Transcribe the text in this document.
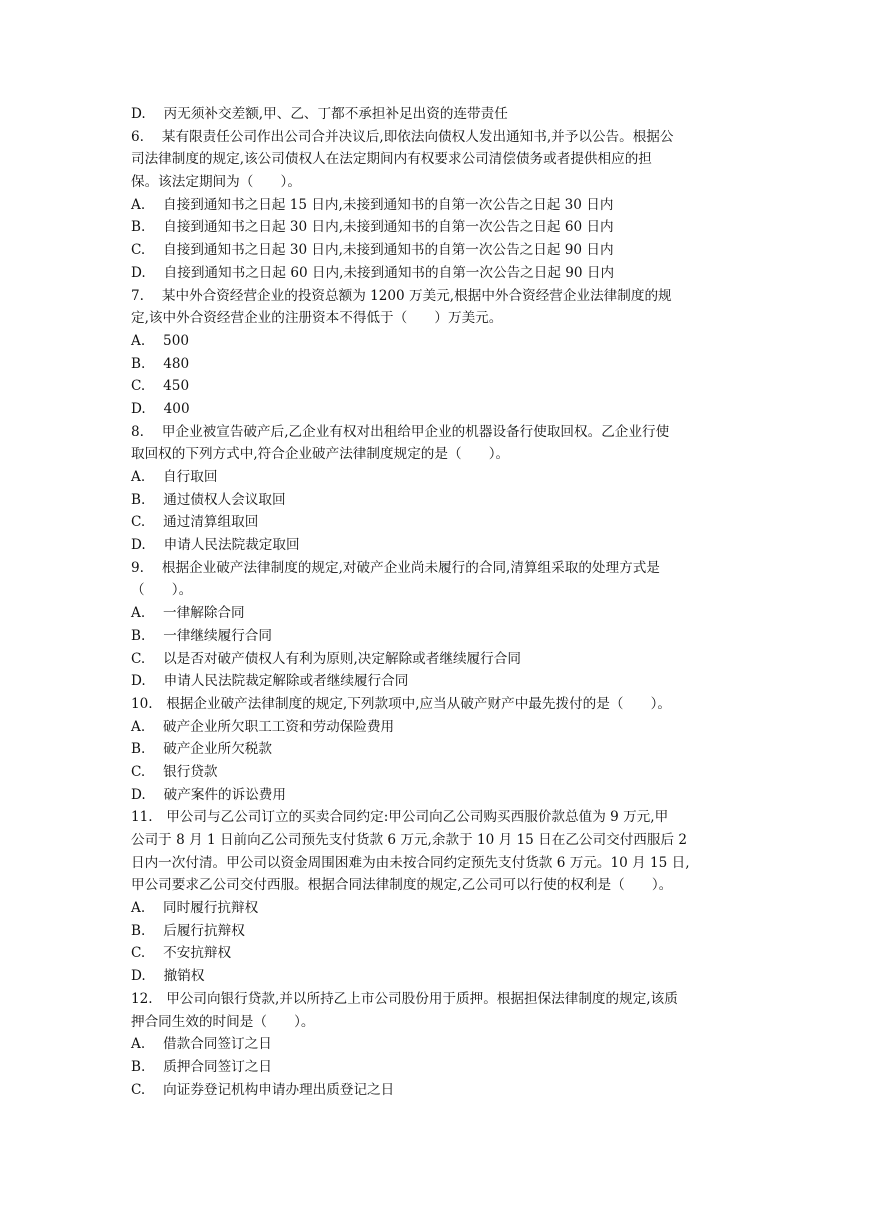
D.　 丙无须补交差额,甲、乙、丁都不承担补足出资的连带责任
6.　 某有限责任公司作出公司合并决议后,即依法向债权人发出通知书,并予以公告。根据公
司法律制度的规定,该公司债权人在法定期间内有权要求公司清偿债务或者提供相应的担
保。该法定期间为（　　）。
A.　 自接到通知书之日起 15 日内,未接到通知书的自第一次公告之日起 30 日内
B.　 自接到通知书之日起 30 日内,未接到通知书的自第一次公告之日起 60 日内
C.　 自接到通知书之日起 30 日内,未接到通知书的自第一次公告之日起 90 日内
D.　 自接到通知书之日起 60 日内,未接到通知书的自第一次公告之日起 90 日内
7.　 某中外合资经营企业的投资总额为 1200 万美元,根据中外合资经营企业法律制度的规
定,该中外合资经营企业的注册资本不得低于（　　）万美元。
A.　 500
B.　 480
C.　 450
D.　 400
8.　 甲企业被宣告破产后,乙企业有权对出租给甲企业的机器设备行使取回权。乙企业行使
取回权的下列方式中,符合企业破产法律制度规定的是（　　）。
A.　 自行取回
B.　 通过债权人会议取回
C.　 通过清算组取回
D.　 申请人民法院裁定取回
9.　 根据企业破产法律制度的规定,对破产企业尚未履行的合同,清算组采取的处理方式是
（　　）。
A.　 一律解除合同
B.　 一律继续履行合同
C.　 以是否对破产债权人有利为原则,决定解除或者继续履行合同
D.　 申请人民法院裁定解除或者继续履行合同
10.　根据企业破产法律制度的规定,下列款项中,应当从破产财产中最先拨付的是（　　）。
A.　 破产企业所欠职工工资和劳动保险费用
B.　 破产企业所欠税款
C.　 银行贷款
D.　 破产案件的诉讼费用
11.　甲公司与乙公司订立的买卖合同约定:甲公司向乙公司购买西服价款总值为 9 万元,甲
公司于 8 月 1 日前向乙公司预先支付货款 6 万元,余款于 10 月 15 日在乙公司交付西服后 2
日内一次付清。甲公司以资金周围困难为由未按合同约定预先支付货款 6 万元。10 月 15 日,
甲公司要求乙公司交付西服。根据合同法律制度的规定,乙公司可以行使的权利是（　　）。
A.　 同时履行抗辩权
B.　 后履行抗辩权
C.　 不安抗辩权
D.　 撤销权
12.　甲公司向银行贷款,并以所持乙上市公司股份用于质押。根据担保法律制度的规定,该质
押合同生效的时间是（　　）。
A.　 借款合同签订之日
B.　 质押合同签订之日
C.　 向证券登记机构申请办理出质登记之日
